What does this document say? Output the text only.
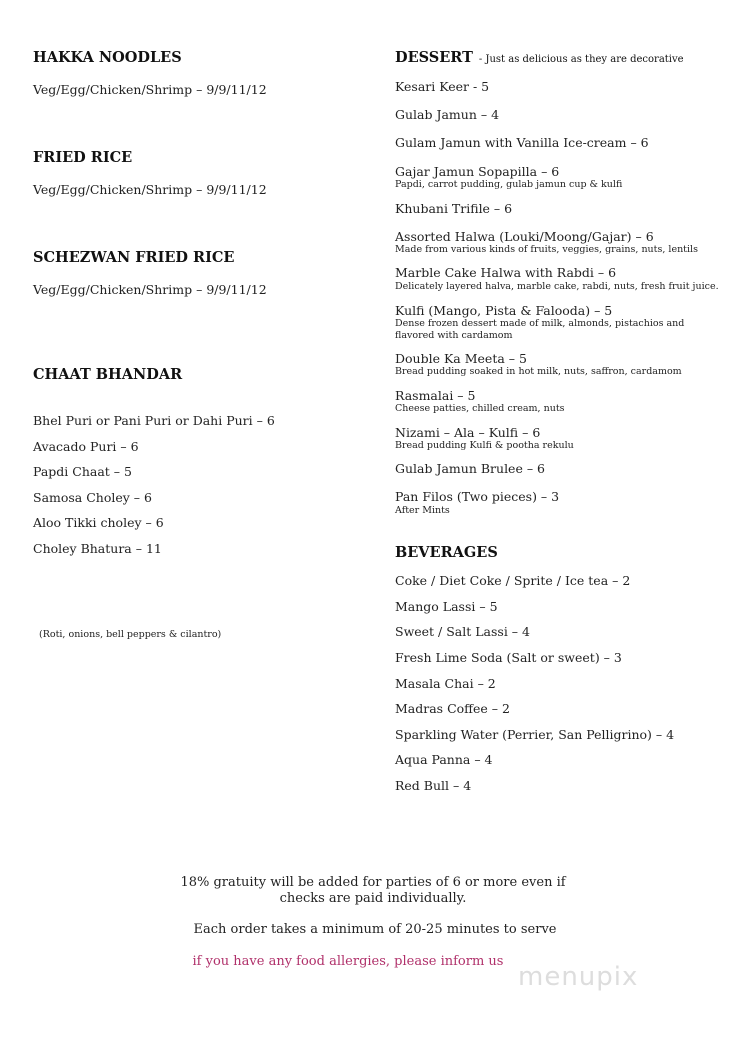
HAKKA NOODLES
Veg/Egg/Chicken/Shrimp – 9/9/11/12
FRIED RICE
Veg/Egg/Chicken/Shrimp – 9/9/11/12
SCHEZWAN FRIED RICE
Veg/Egg/Chicken/Shrimp – 9/9/11/12
CHAAT BHANDAR
Bhel Puri or Pani Puri or Dahi Puri – 6
Avacado Puri – 6
Papdi Chaat – 5
Samosa Choley – 6
Aloo Tikki choley – 6
Choley Bhatura – 11
(Roti, onions, bell peppers & cilantro)
DESSERT - Just as delicious as they are decorative
Kesari Keer - 5
Gulab Jamun – 4
Gulam Jamun with Vanilla Ice-cream – 6
Gajar Jamun Sopapilla – 6
Papdi, carrot pudding, gulab jamun cup & kulfi
Khubani Trifile – 6
Assorted Halwa (Louki/Moong/Gajar) – 6
Made from various kinds of fruits, veggies, grains, nuts, lentils
Marble Cake Halwa with Rabdi – 6
Delicately layered halva, marble cake, rabdi, nuts, fresh fruit juice.
Kulfi (Mango, Pista & Falooda) – 5
Dense frozen dessert made of milk, almonds, pistachios and
flavored with cardamom
Double Ka Meeta – 5
Bread pudding soaked in hot milk, nuts, saffron, cardamom
Rasmalai – 5
Cheese patties, chilled cream, nuts
Nizami – Ala – Kulfi – 6
Bread pudding Kulfi & pootha rekulu
Gulab Jamun Brulee – 6
Pan Filos (Two pieces) – 3
After Mints
BEVERAGES
Coke / Diet Coke / Sprite / Ice tea – 2
Mango Lassi – 5
Sweet / Salt Lassi – 4
Fresh Lime Soda (Salt or sweet) – 3
Masala Chai – 2
Madras Coffee – 2
Sparkling Water (Perrier, San Pelligrino) – 4
Aqua Panna – 4
Red Bull – 4
18% gratuity will be added for parties of 6 or more even if
checks are paid individually.
Each order takes a minimum of 20-25 minutes to serve
if you have any food allergies, please inform us
menupix
